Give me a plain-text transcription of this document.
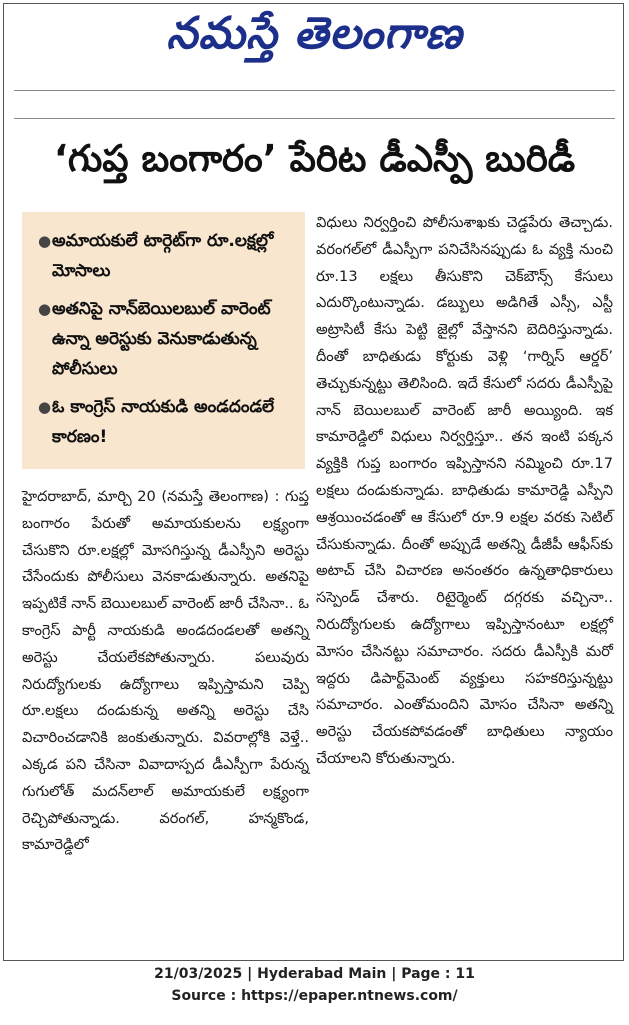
నమస్తే తెలంగాణ
‘గుప్త బంగారం’ పేరిట డీఎస్పీ బురిడీ
● అమాయకులే టార్గెట్‌గా రూ.లక్షల్లో మోసాలు
● అతనిపై నాన్‌బెయిలబుల్ వారెంట్ ఉన్నా అరెస్టుకు వెనుకాడుతున్న పోలీసులు
● ఓ కాంగ్రెస్ నాయకుడి అండదండలే కారణం!

హైదరాబాద్, మార్చి 20 (నమస్తే తెలంగాణ) : గుప్త బంగారం పేరుతో అమాయకులను లక్ష్యంగా చేసుకొని రూ.లక్షల్లో మోసగిస్తున్న డీఎస్పీని అరెస్టు చేసేందుకు పోలీసులు వెనకాడుతున్నారు. అతనిపై ఇప్పటికే నాన్ బెయిలబుల్ వారెంట్ జారీ చేసినా.. ఓ కాంగ్రెస్ పార్టీ నాయకుడి అండదండలతో అతన్ని అరెస్టు చేయలేకపోతున్నారు. పలువురు నిరుద్యోగులకు ఉద్యోగాలు ఇప్పిస్తామని చెప్పి రూ.లక్షలు దండుకున్న అతన్ని అరెస్టు చేసి విచారించడానికి జంకుతున్నారు. వివరాల్లోకి వెళ్తే.. ఎక్కడ పని చేసినా వివాదాస్పద డీఎస్పీగా పేరున్న గుగులోత్ మదన్‌లాల్ అమాయకులే లక్ష్యంగా రెచ్చిపోతున్నాడు. వరంగల్, హన్మకొండ, కామారెడ్డిలో

విధులు నిర్వర్తించి పోలీసుశాఖకు చెడ్డపేరు తెచ్చాడు. వరంగల్‌లో డీఎస్పీగా పనిచేసినప్పుడు ఓ వ్యక్తి నుంచి రూ.13 లక్షలు తీసుకొని చెక్‌బౌన్స్ కేసులు ఎదుర్కొంటున్నాడు. డబ్బులు అడిగితే ఎస్సీ, ఎస్టీ అట్రాసిటీ కేసు పెట్టి జైల్లో వేస్తానని బెదిరిస్తున్నాడు. దీంతో బాధితుడు కోర్టుకు వెళ్లి ‘గార్నిస్ ఆర్డర్’ తెచ్చుకున్నట్టు తెలిసింది. ఇదే కేసులో సదరు డీఎస్పీపై నాన్ బెయిలబుల్ వారెంట్ జారీ అయ్యింది. ఇక కామారెడ్డిలో విధులు నిర్వర్తిస్తూ.. తన ఇంటి పక్కన వ్యక్తికి గుప్త బంగారం ఇప్పిస్తానని నమ్మించి రూ.17 లక్షలు దండుకున్నాడు. బాధితుడు కామారెడ్డి ఎస్పీని ఆశ్రయించడంతో ఆ కేసులో రూ.9 లక్షల వరకు సెటిల్ చేసుకున్నాడు. దీంతో అప్పుడే అతన్ని డీజీపీ ఆఫీస్‌కు అటాచ్ చేసి విచారణ అనంతరం ఉన్నతాధికారులు సస్పెండ్ చేశారు. రిటైర్మెంట్ దగ్గరకు వచ్చినా.. నిరుద్యోగులకు ఉద్యోగాలు ఇప్పిస్తానంటూ లక్షల్లో మోసం చేసినట్టు సమాచారం. సదరు డీఎస్పీకి మరో ఇద్దరు డిపార్ట్‌మెంట్ వ్యక్తులు సహకరిస్తున్నట్టు సమాచారం. ఎంతోమందిని మోసం చేసినా అతన్ని అరెస్టు చేయకపోవడంతో బాధితులు న్యాయం చేయాలని కోరుతున్నారు.

21/03/2025 | Hyderabad Main | Page : 11
Source : https://epaper.ntnews.com/
